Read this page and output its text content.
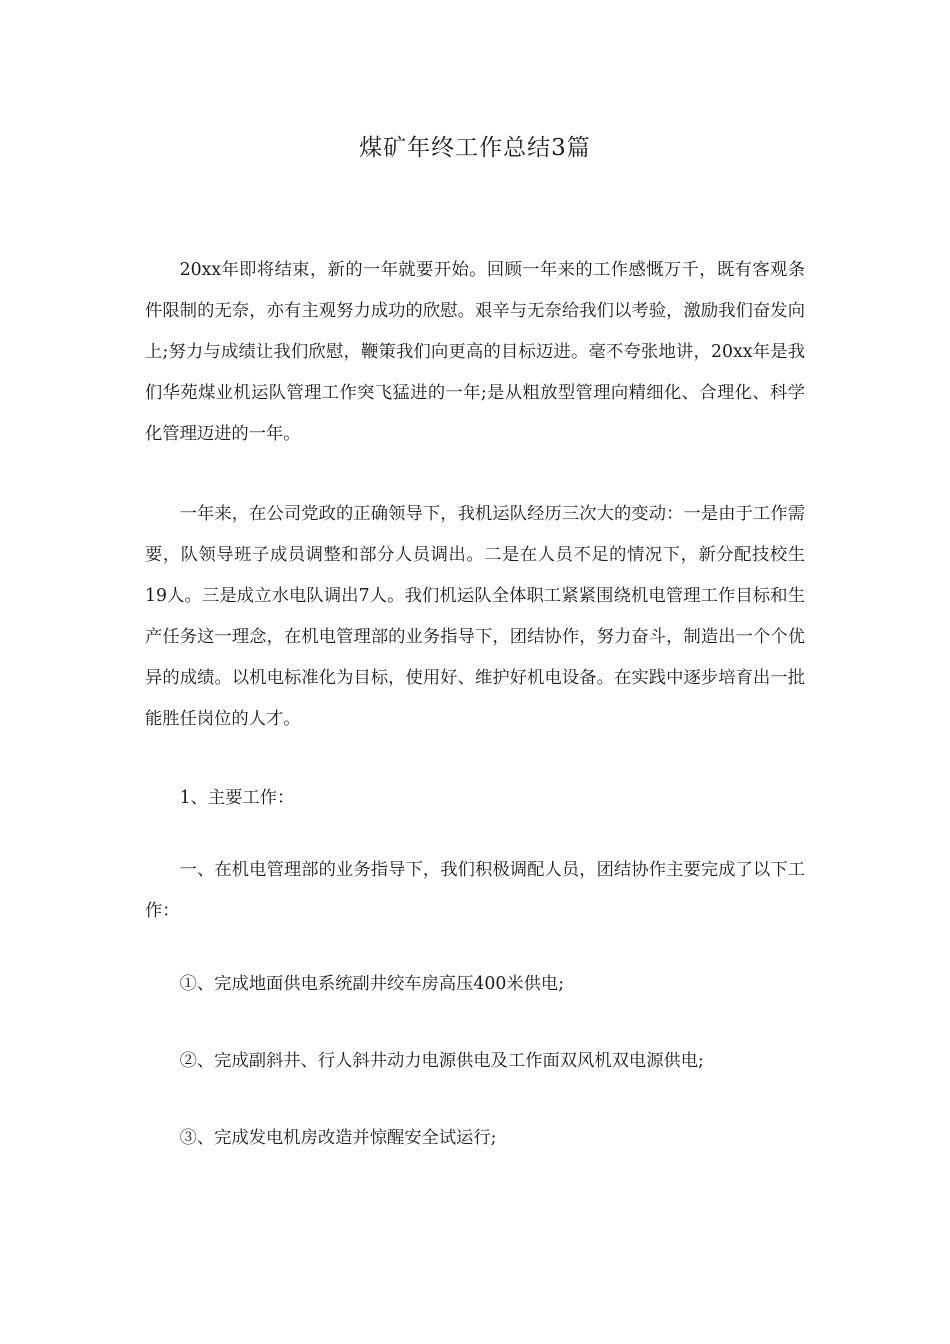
煤矿年终工作总结3篇

20xx年即将结束，新的一年就要开始。回顾一年来的工作感慨万千，既有客观条件限制的无奈，亦有主观努力成功的欣慰。艰辛与无奈给我们以考验，激励我们奋发向上;努力与成绩让我们欣慰，鞭策我们向更高的目标迈进。毫不夸张地讲，20xx年是我们华苑煤业机运队管理工作突飞猛进的一年;是从粗放型管理向精细化、合理化、科学化管理迈进的一年。

一年来，在公司党政的正确领导下，我机运队经历三次大的变动：一是由于工作需要，队领导班子成员调整和部分人员调出。二是在人员不足的情况下，新分配技校生19人。三是成立水电队调出7人。我们机运队全体职工紧紧围绕机电管理工作目标和生产任务这一理念，在机电管理部的业务指导下，团结协作，努力奋斗，制造出一个个优异的成绩。以机电标准化为目标，使用好、维护好机电设备。在实践中逐步培育出一批能胜任岗位的人才。

1、主要工作：

一、在机电管理部的业务指导下，我们积极调配人员，团结协作主要完成了以下工作：

①、完成地面供电系统副井绞车房高压400米供电;

②、完成副斜井、行人斜井动力电源供电及工作面双风机双电源供电;

③、完成发电机房改造并惊醒安全试运行;
